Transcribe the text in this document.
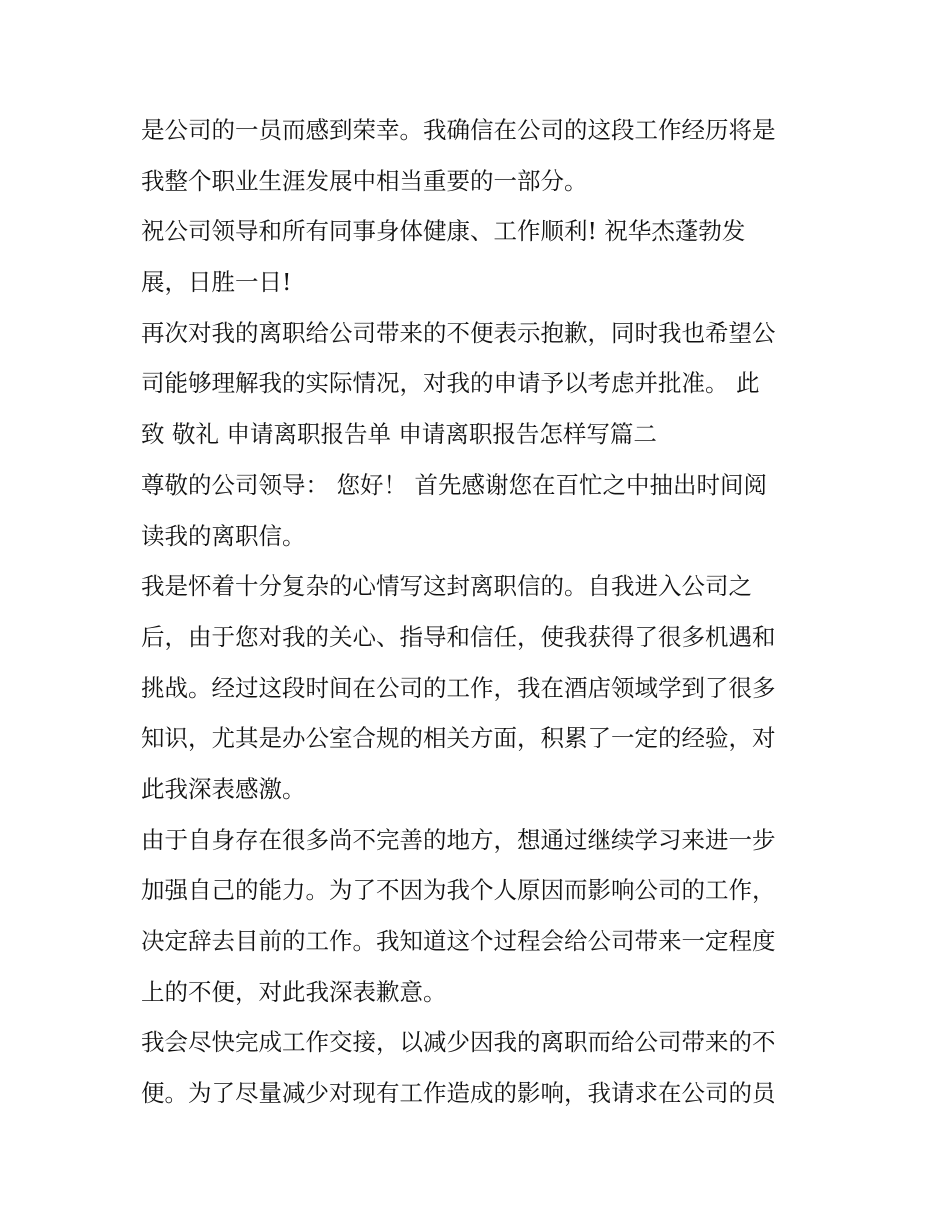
是公司的一员而感到荣幸。我确信在公司的这段工作经历将是
我整个职业生涯发展中相当重要的一部分。
祝公司领导和所有同事身体健康、工作顺利! 祝华杰蓬勃发
展，日胜一日!
再次对我的离职给公司带来的不便表示抱歉，同时我也希望公
司能够理解我的实际情况，对我的申请予以考虑并批准。 此
致 敬礼 申请离职报告单 申请离职报告怎样写篇二
尊敬的公司领导： 您好！ 首先感谢您在百忙之中抽出时间阅
读我的离职信。
我是怀着十分复杂的心情写这封离职信的。自我进入公司之
后，由于您对我的关心、指导和信任，使我获得了很多机遇和
挑战。经过这段时间在公司的工作，我在酒店领域学到了很多
知识，尤其是办公室合规的相关方面，积累了一定的经验，对
此我深表感激。
由于自身存在很多尚不完善的地方，想通过继续学习来进一步
加强自己的能力。为了不因为我个人原因而影响公司的工作，
决定辞去目前的工作。我知道这个过程会给公司带来一定程度
上的不便，对此我深表歉意。
我会尽快完成工作交接，以减少因我的离职而给公司带来的不
便。为了尽量减少对现有工作造成的影响，我请求在公司的员
